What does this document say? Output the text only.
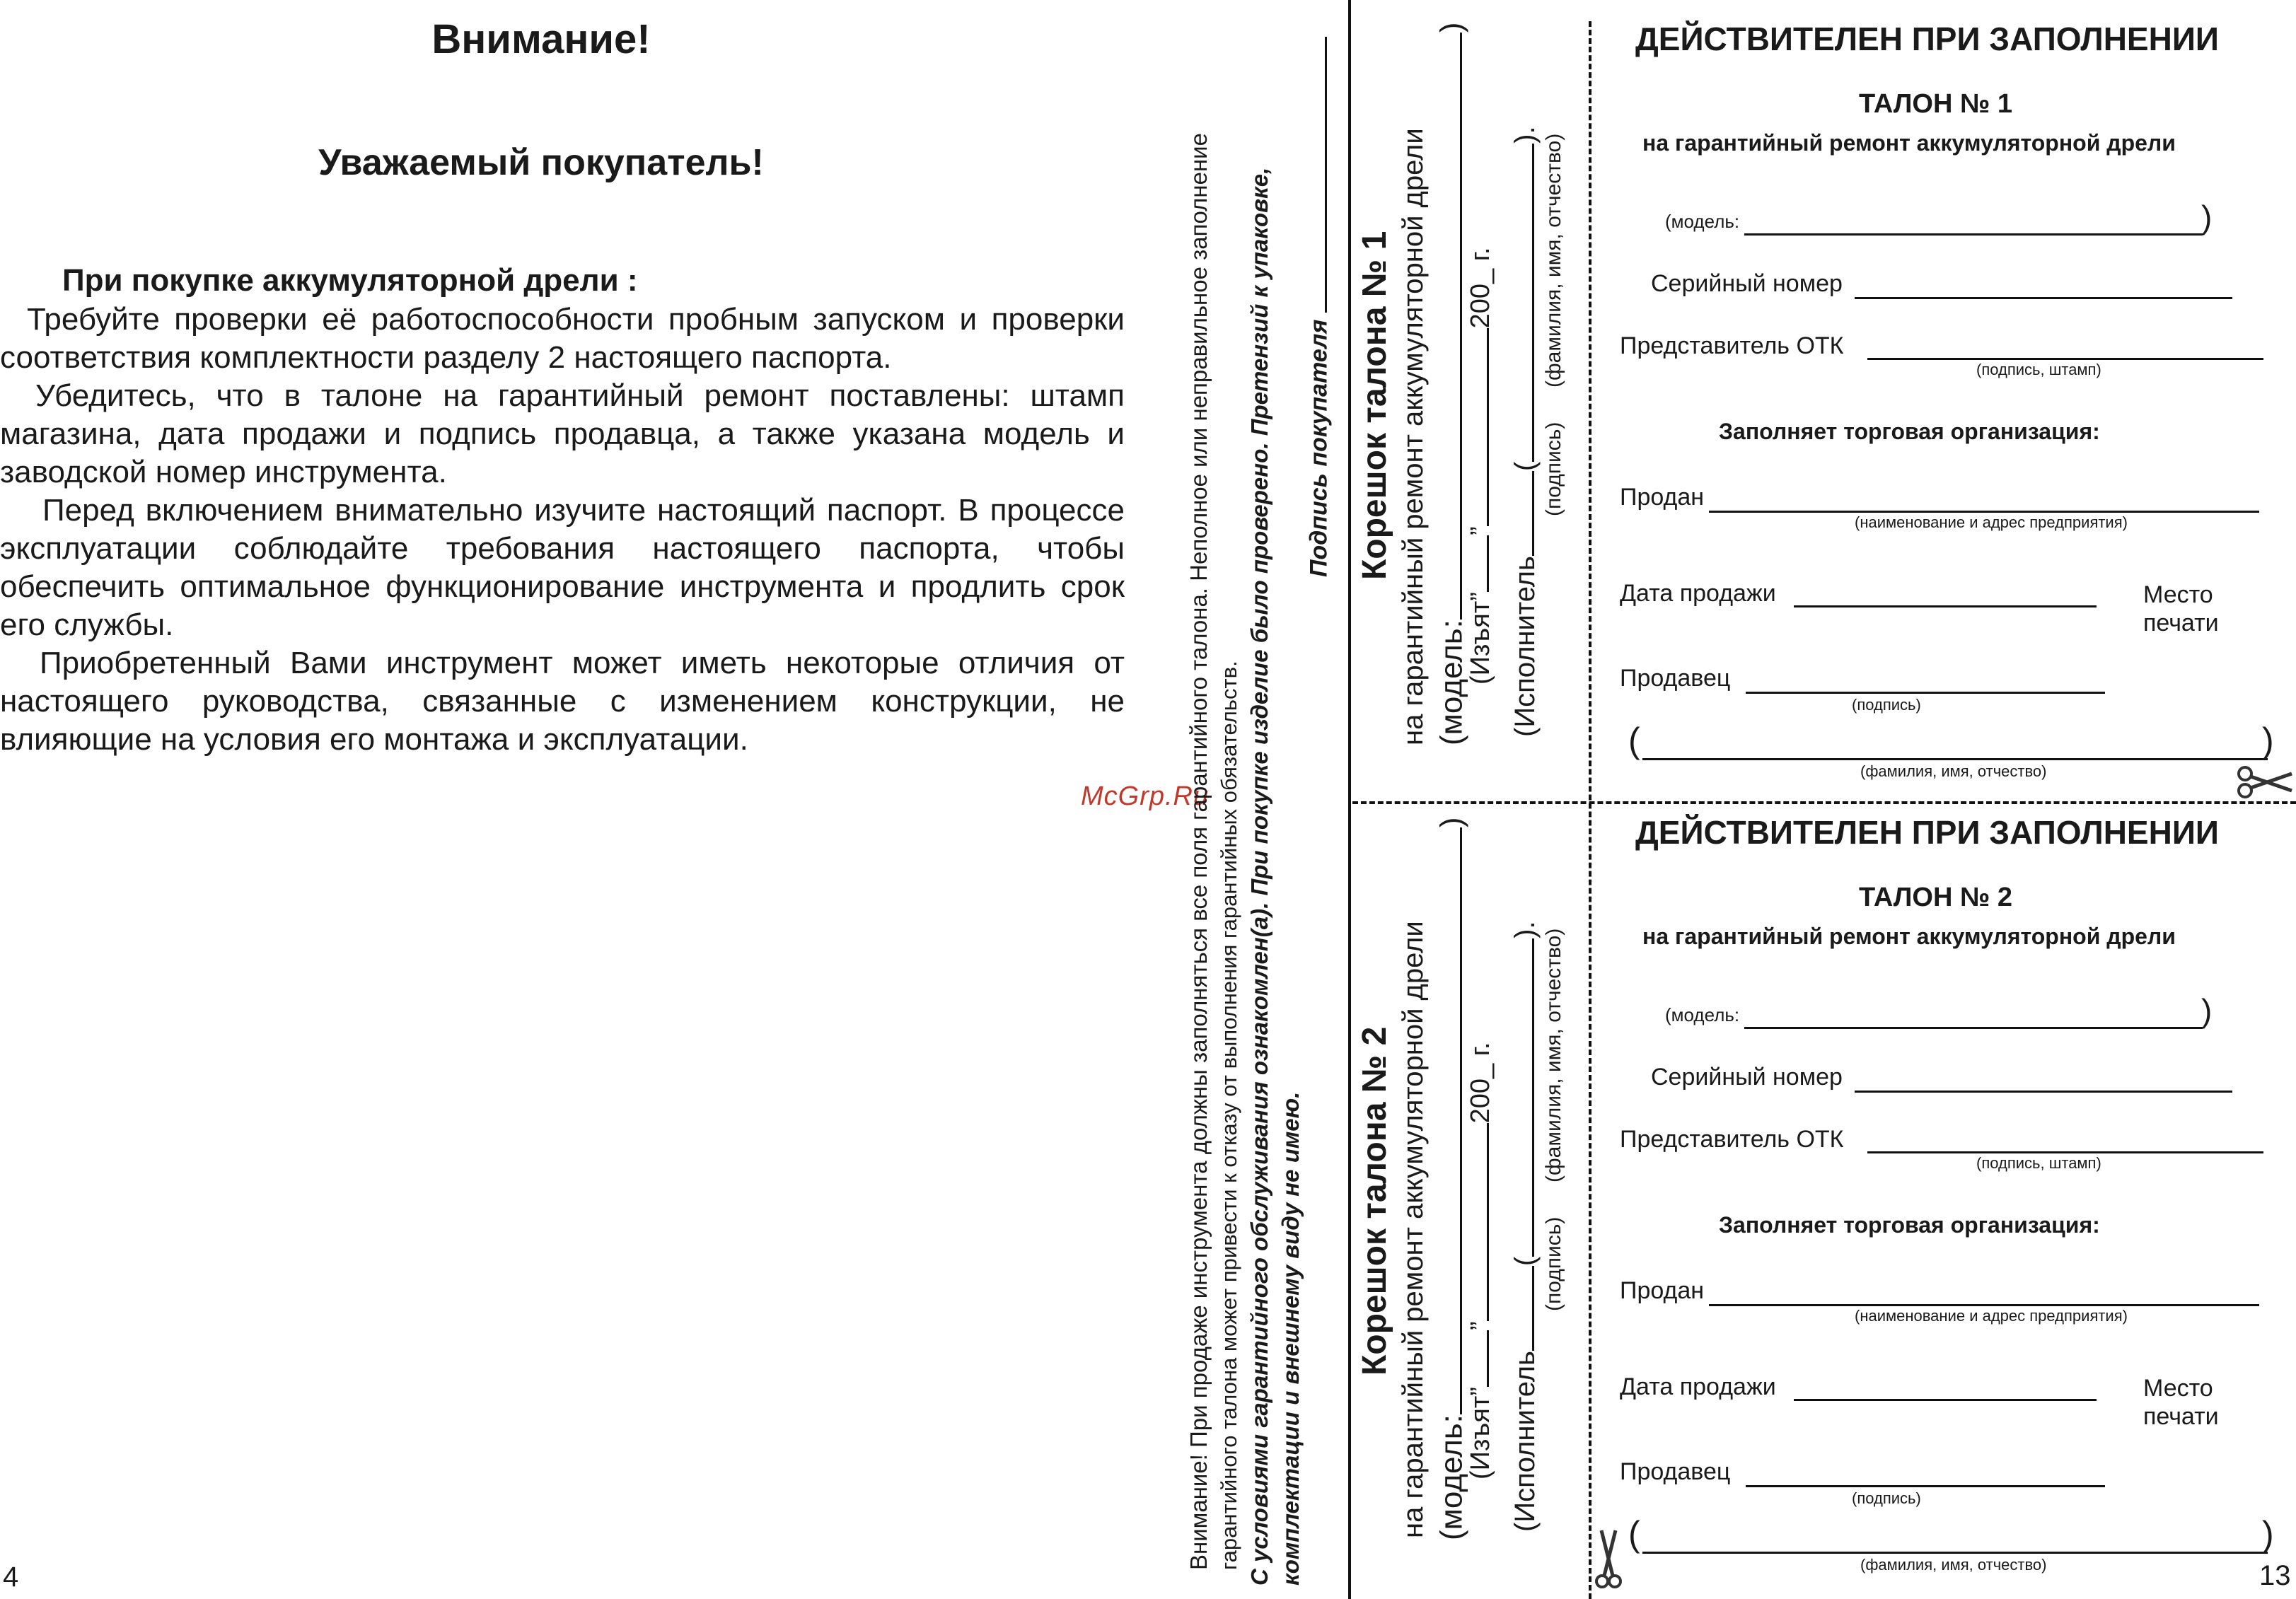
Внимание!
Уважаемый покупатель!
При покупке аккумуляторной дрели :

Требуйте проверки её работоспособности пробным запуском и проверки соответствия комплектности разделу 2 настоящего паспорта.

Убедитесь, что в талоне на гарантийный ремонт поставлены: штамп магазина, дата продажи и подпись продавца, а также указана модель и заводской номер инструмента.

Перед включением внимательно изучите настоящий паспорт. В процессе эксплуатации соблюдайте требования настоящего паспорта, чтобы обеспечить оптимальное функционирование инструмента и продлить срок его службы.

Приобретенный Вами инструмент может иметь некоторые отличия от настоящего руководства, связанные с изменением конструкции, не влияющие на условия его монтажа и эксплуатации.

4
McGrp.Ru
Внимание! При продаже инструмента должны заполняться все поля гарантийного талона. Неполное или неправильное заполнение гарантийного талона может привести к отказу от выполнения гарантийных обязательств. С условиями гарантийного обслуживания ознакомлен(а). При покупке изделие было проверено. Претензий к упаковке, комплектации и внешнему виду не имею.
Подпись покупателя Корешок талона № 1 на гарантийный ремонт аккумуляторной дрели (модель:)
(Изъят””200_ г.
(Исполнитель().
(подпись)
(фамилия, имя, отчество)
Корешок талона № 2 на гарантийный ремонт аккумуляторной дрели (модель:)
(Изъят””200_ г.
(Исполнитель().
(подпись)
(фамилия, имя, отчество)
ДЕЙСТВИТЕЛЕН ПРИ ЗАПОЛНЕНИИ
ТАЛОН № 1
на гарантийный ремонт аккумуляторной дрели
(модель:	)
Серийный номер
Представитель ОТК
(подпись, штамп)
Заполняет торговая организация:
Продан
(наименование и адрес предприятия)
Дата продажи	Место
печати
Продавец
(подпись)
(	)
(фамилия, имя, отчество)
ДЕЙСТВИТЕЛЕН ПРИ ЗАПОЛНЕНИИ
ТАЛОН № 2
на гарантийный ремонт аккумуляторной дрели
(модель:	)
Серийный номер
Представитель ОТК
(подпись, штамп)
Заполняет торговая организация:
Продан
(наименование и адрес предприятия)
Дата продажи	Место
печати
Продавец
(подпись)
(	)
(фамилия, имя, отчество)	13
